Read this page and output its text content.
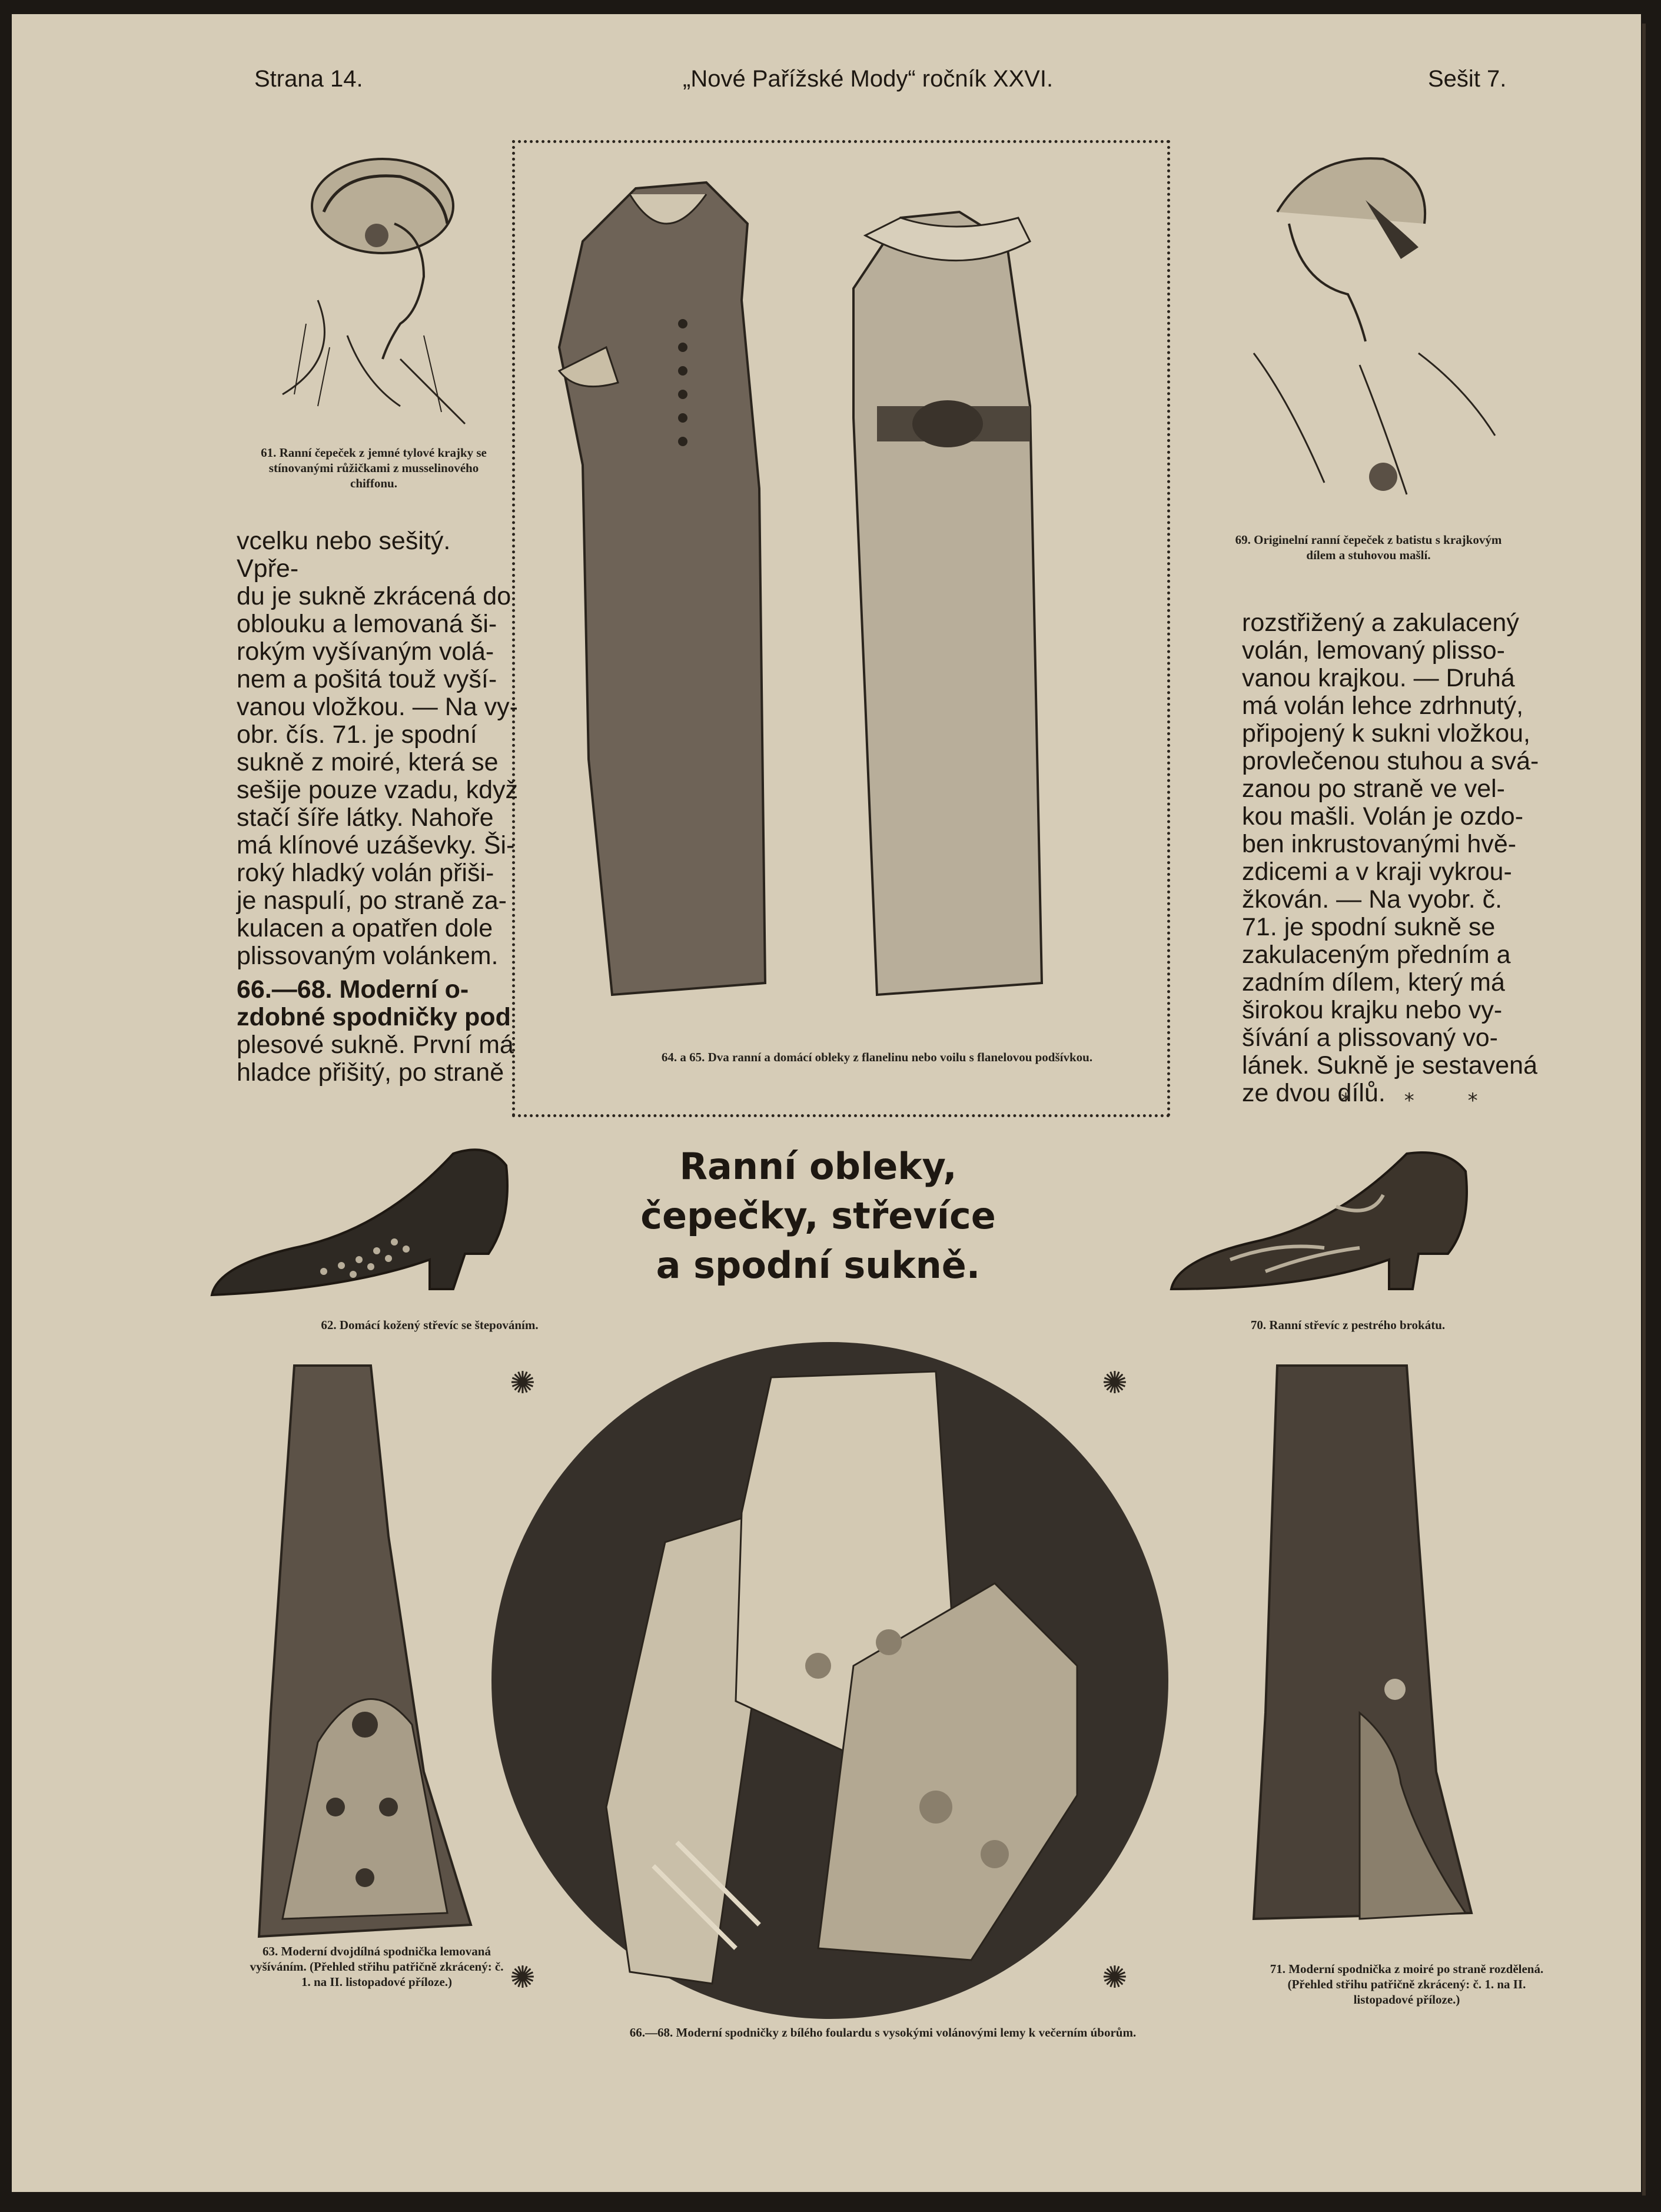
Strana 14.	„Nové Pařížské Mody“ ročník XXVI.	Sešit 7.
61. Ranní čepeček z jemné tylové krajky se stínovanými růžičkami z musselinového chiffonu.
64. a 65. Dva ranní a domácí obleky z flanelinu nebo voilu s flanelovou podšívkou.
69. Originelní ranní čepeček z batistu s krajkovým dílem a stuhovou mašlí.

vcelku nebo sešitý. Vpře-

du je sukně zkrácená do

oblouku a lemovaná ši-

rokým vyšívaným volá-

nem a pošitá touž vyší-

vanou vložkou. — Na vy-

obr. čís. 71. je spodní

sukně z moiré, která se

sešije pouze vzadu, když

stačí šíře látky. Nahoře

má klínové uzáševky. Ši-

roký hladký volán přiši-

je naspulí, po straně za-

kulacen a opatřen dole

plissovaným volánkem.

66.—68. Moderní o-

zdobné spodničky pod

plesové sukně. První má

hladce přišitý, po straně

rozstřižený a zakulacený

volán, lemovaný plisso-

vanou krajkou. — Druhá

má volán lehce zdrhnutý,

připojený k sukni vložkou,

provlečenou stuhou a svá-

zanou po straně ve vel-

kou mašli. Volán je ozdo-

ben inkrustovanými hvě-

zdicemi a v kraji vykrou-

žkován. — Na vyobr. č.

71. je spodní sukně se

zakulaceným předním a

zadním dílem, který má

širokou krajku nebo vy-

šívání a plissovaný vo-

lánek. Sukně je sestavená

ze dvou dílů.

* * *
Ranní obleky, čepečky, střevíce
a spodní sukně.
62. Domácí kožený střevíc se štepováním.	70. Ranní střevíc z pestrého brokátu.
63. Moderní dvojdílná spodnička lemovaná vyšíváním. (Přehled střihu patřičně zkrácený: č. 1. na II. listopadové příloze.)
66.—68. Moderní spodničky z bílého foulardu s vysokými volánovými lemy k večerním úborům.
71. Moderní spodnička z moiré po straně rozdělená. (Přehled střihu patřičně zkrácený: č. 1. na II. listopadové příloze.)
✺	✺
✺	✺
